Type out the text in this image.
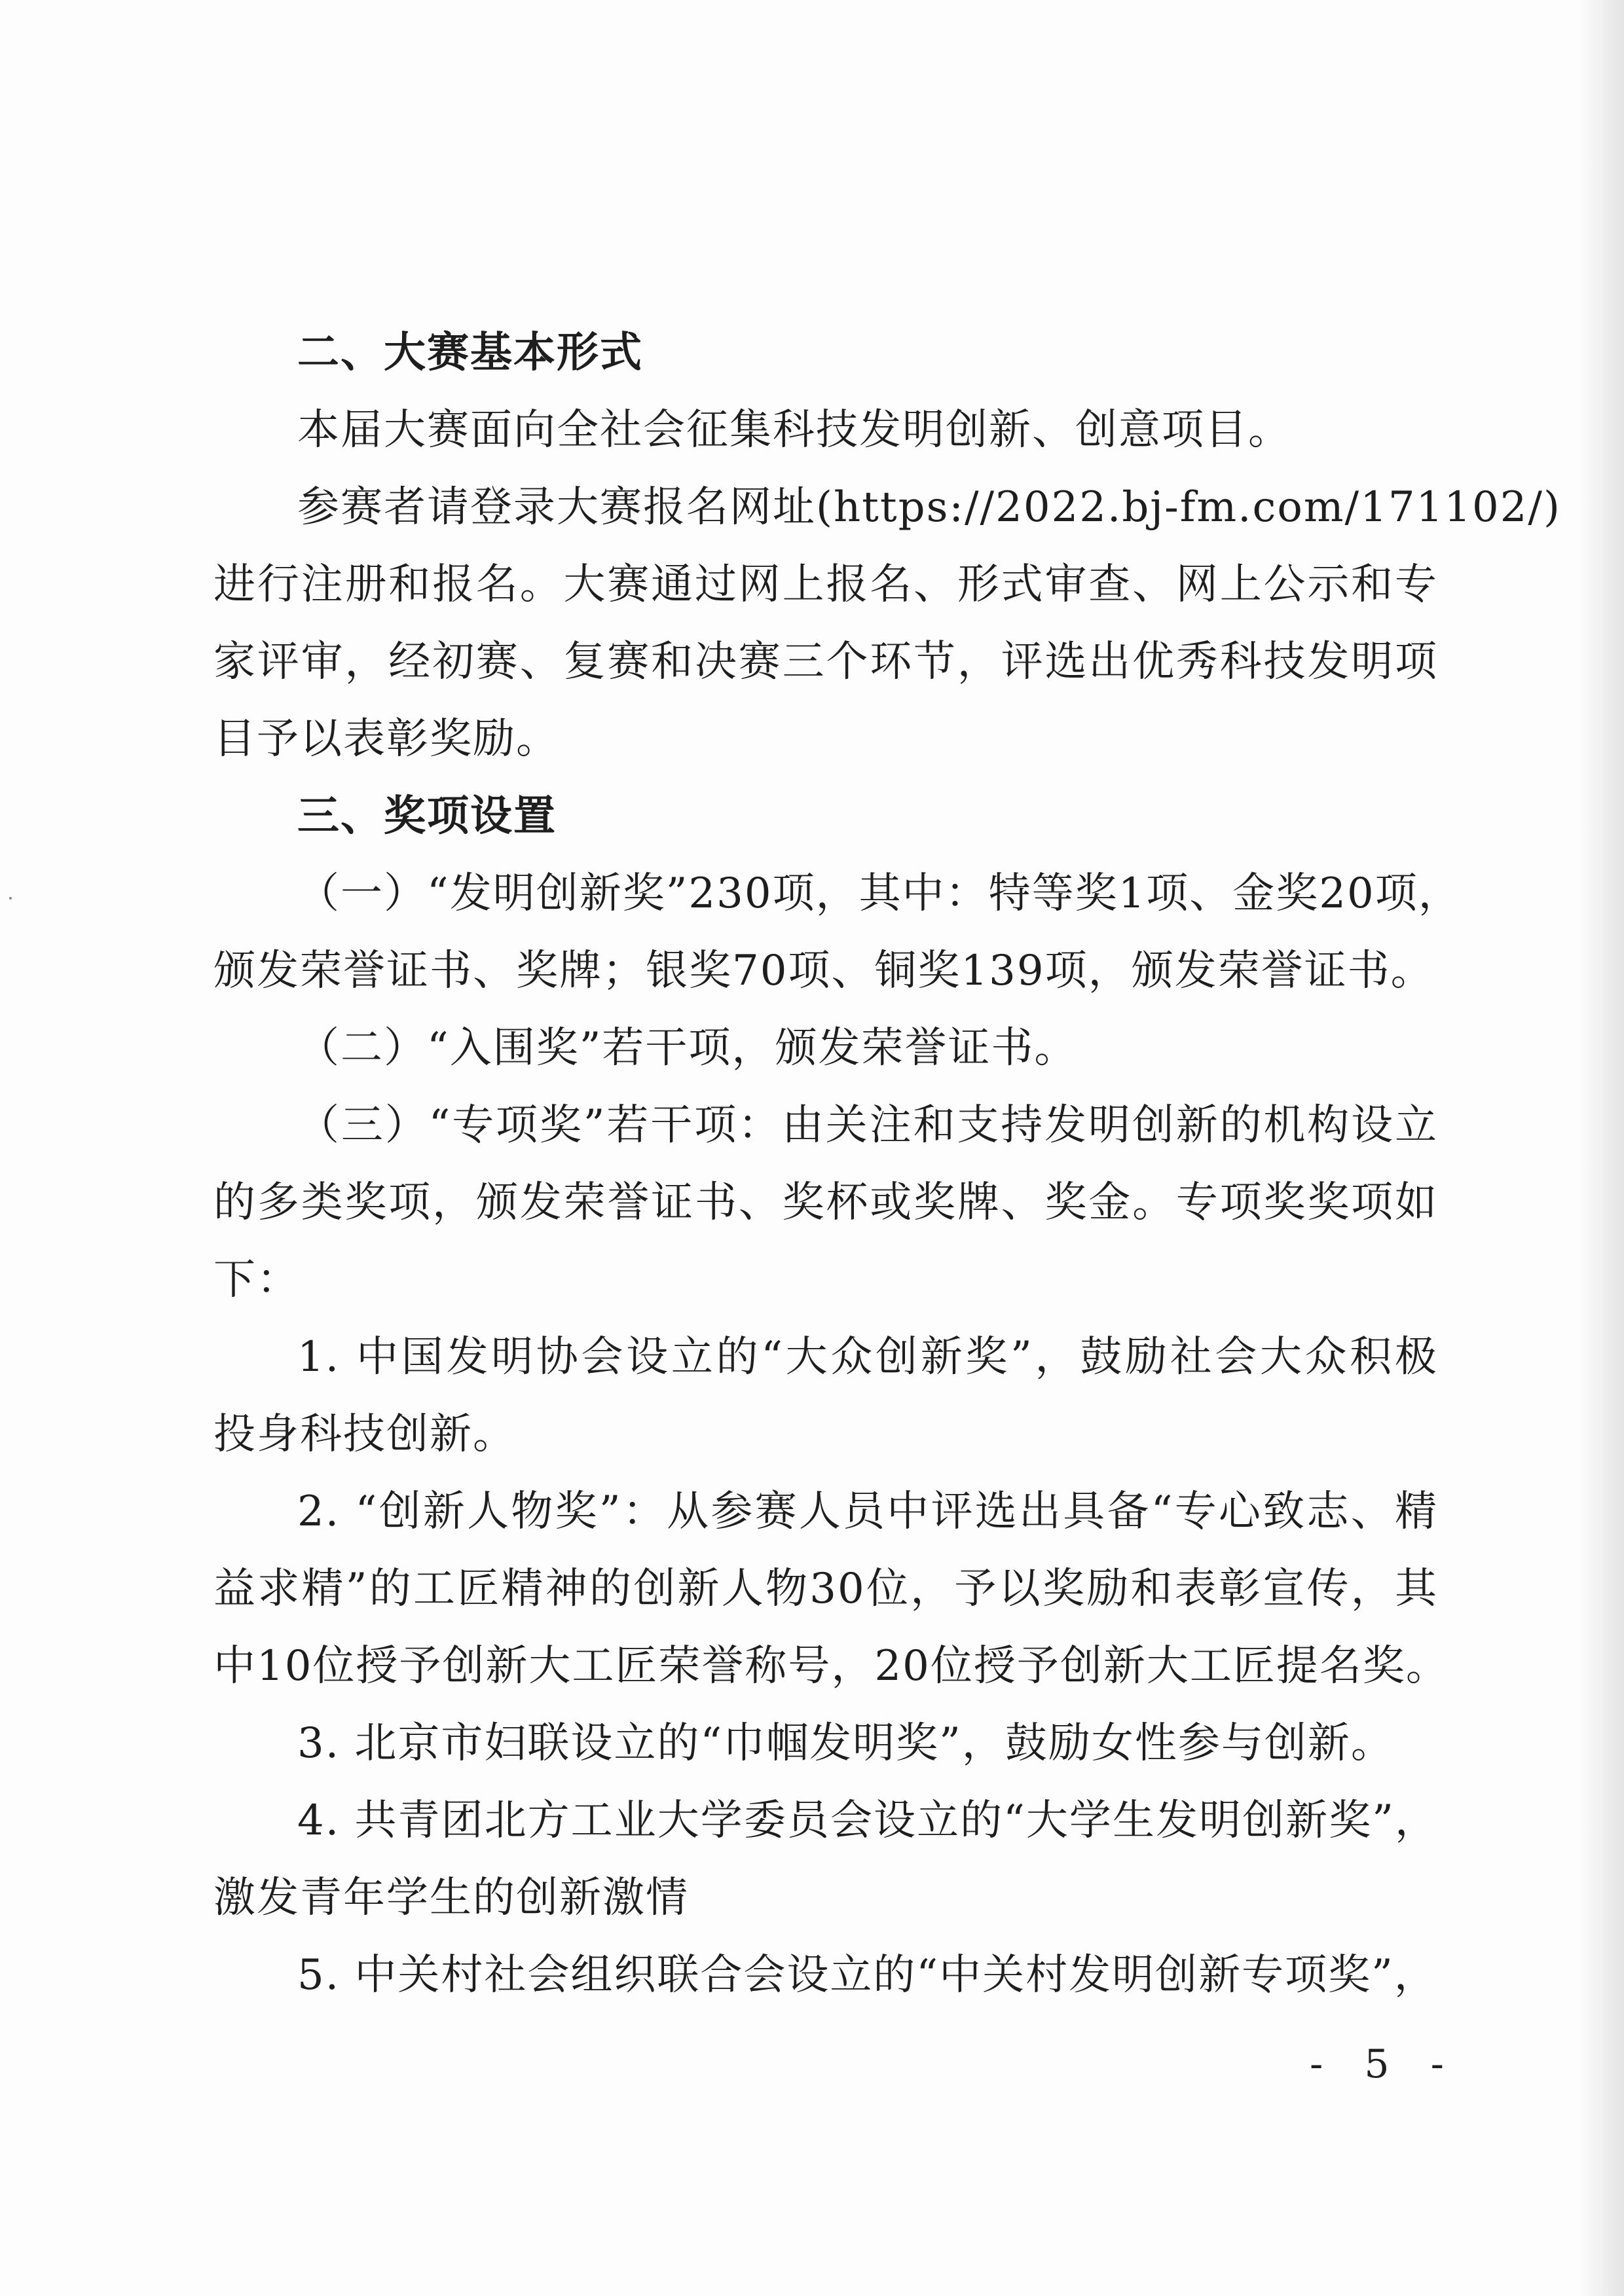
二、大赛基本形式
本届大赛面向全社会征集科技发明创新、创意项目。
参赛者请登录大赛报名网址(https://2022.bj-fm.com/171102/)
进行注册和报名。大赛通过网上报名、形式审查、网上公示和专
家评审，经初赛、复赛和决赛三个环节，评选出优秀科技发明项
目予以表彰奖励。
三、奖项设置
（一）“发明创新奖”230项，其中：特等奖1项、金奖20项，
颁发荣誉证书、奖牌；银奖70项、铜奖139项，颁发荣誉证书。
（二）“入围奖”若干项，颁发荣誉证书。
（三）“专项奖”若干项：由关注和支持发明创新的机构设立
的多类奖项，颁发荣誉证书、奖杯或奖牌、奖金。专项奖奖项如
下：
1. 中国发明协会设立的“大众创新奖”，鼓励社会大众积极
投身科技创新。
2. “创新人物奖”：从参赛人员中评选出具备“专心致志、精
益求精”的工匠精神的创新人物30位，予以奖励和表彰宣传，其
中10位授予创新大工匠荣誉称号，20位授予创新大工匠提名奖。
3. 北京市妇联设立的“巾帼发明奖”，鼓励女性参与创新。
4. 共青团北方工业大学委员会设立的“大学生发明创新奖”，
激发青年学生的创新激情
5. 中关村社会组织联合会设立的“中关村发明创新专项奖”，
- 5 -
